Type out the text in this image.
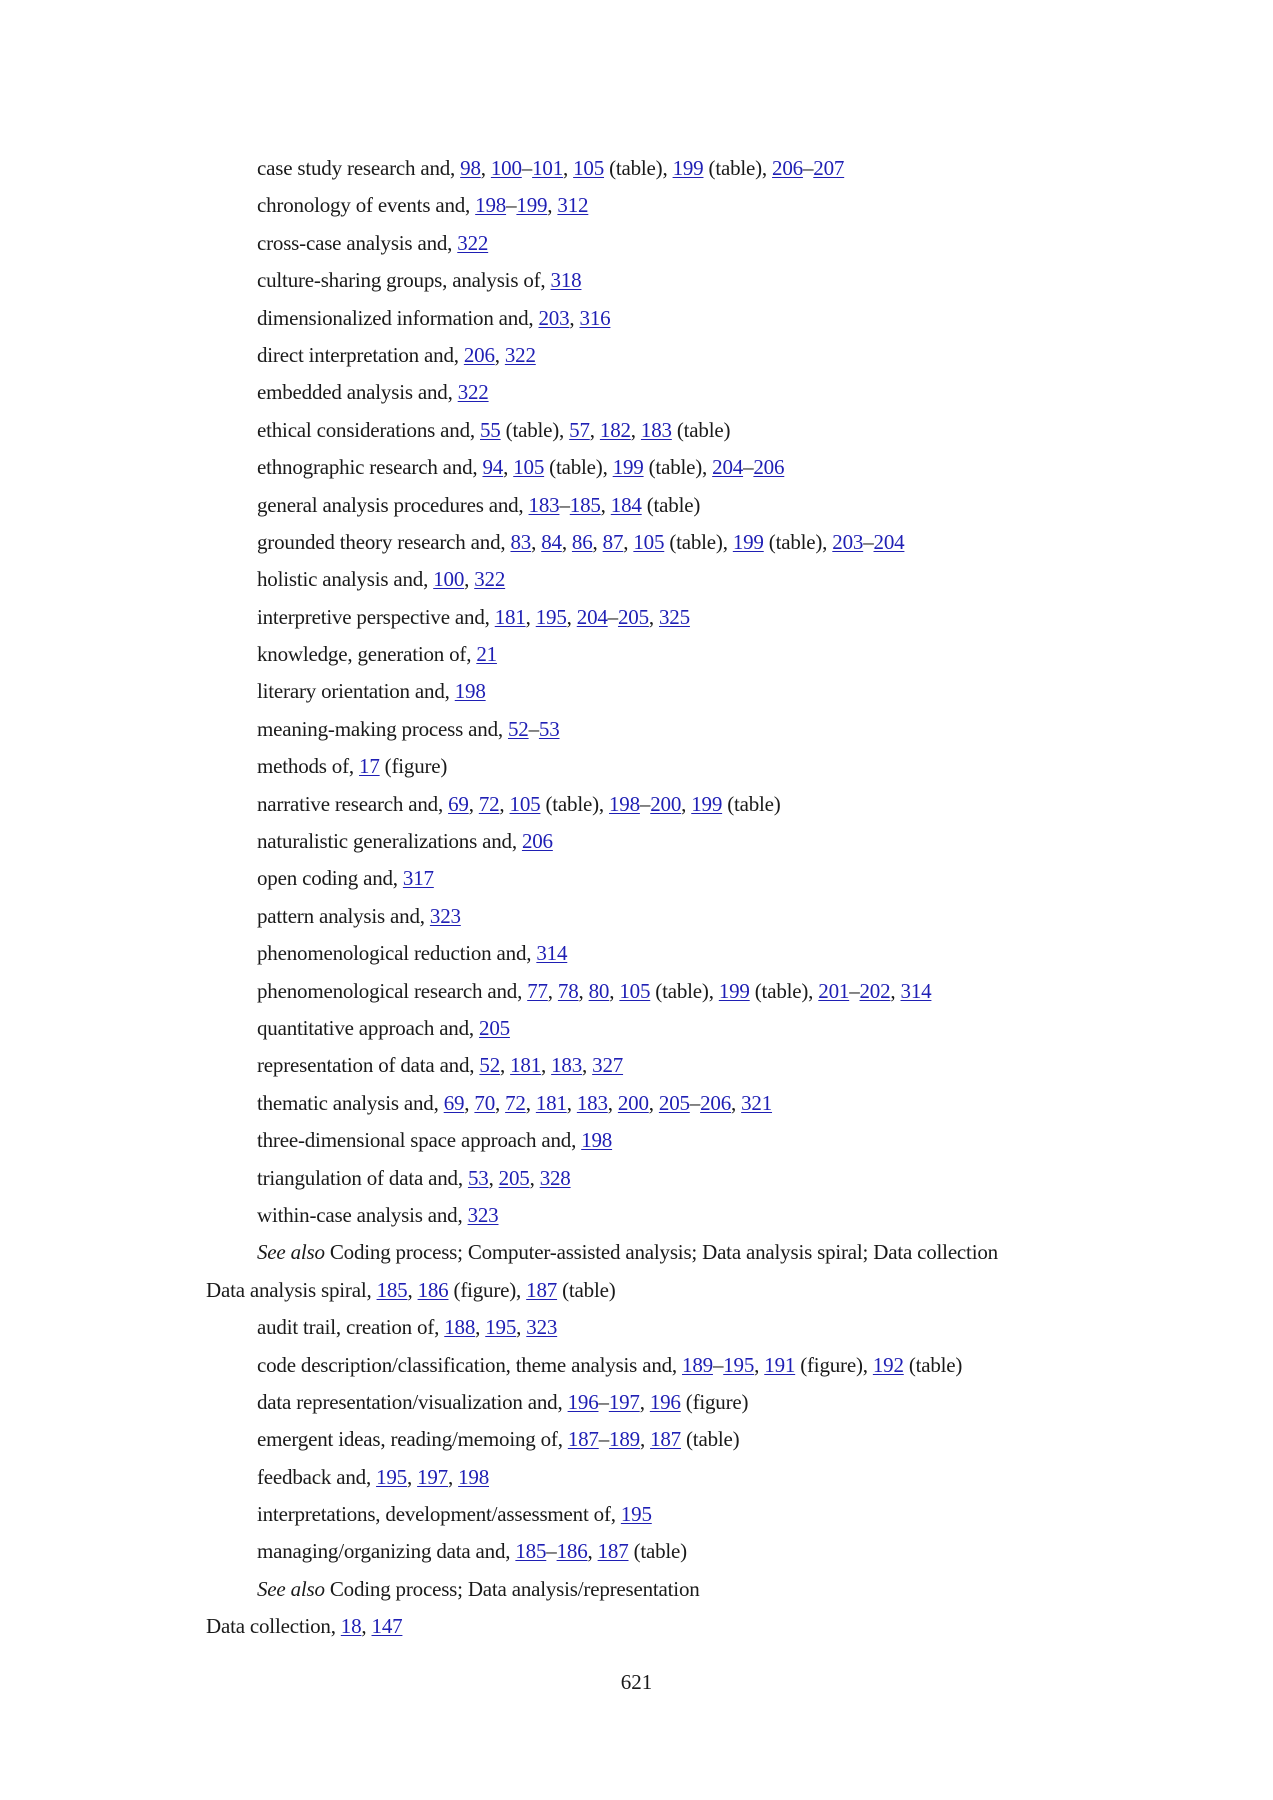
case study research and, 98, 100–101, 105 (table), 199 (table), 206–207
chronology of events and, 198–199, 312
cross-case analysis and, 322
culture-sharing groups, analysis of, 318
dimensionalized information and, 203, 316
direct interpretation and, 206, 322
embedded analysis and, 322
ethical considerations and, 55 (table), 57, 182, 183 (table)
ethnographic research and, 94, 105 (table), 199 (table), 204–206
general analysis procedures and, 183–185, 184 (table)
grounded theory research and, 83, 84, 86, 87, 105 (table), 199 (table), 203–204
holistic analysis and, 100, 322
interpretive perspective and, 181, 195, 204–205, 325
knowledge, generation of, 21
literary orientation and, 198
meaning-making process and, 52–53
methods of, 17 (figure)
narrative research and, 69, 72, 105 (table), 198–200, 199 (table)
naturalistic generalizations and, 206
open coding and, 317
pattern analysis and, 323
phenomenological reduction and, 314
phenomenological research and, 77, 78, 80, 105 (table), 199 (table), 201–202, 314
quantitative approach and, 205
representation of data and, 52, 181, 183, 327
thematic analysis and, 69, 70, 72, 181, 183, 200, 205–206, 321
three-dimensional space approach and, 198
triangulation of data and, 53, 205, 328
within-case analysis and, 323
See also Coding process; Computer-assisted analysis; Data analysis spiral; Data collection
Data analysis spiral, 185, 186 (figure), 187 (table)
audit trail, creation of, 188, 195, 323
code description/classification, theme analysis and, 189–195, 191 (figure), 192 (table)
data representation/visualization and, 196–197, 196 (figure)
emergent ideas, reading/memoing of, 187–189, 187 (table)
feedback and, 195, 197, 198
interpretations, development/assessment of, 195
managing/organizing data and, 185–186, 187 (table)
See also Coding process; Data analysis/representation
Data collection, 18, 147
621
